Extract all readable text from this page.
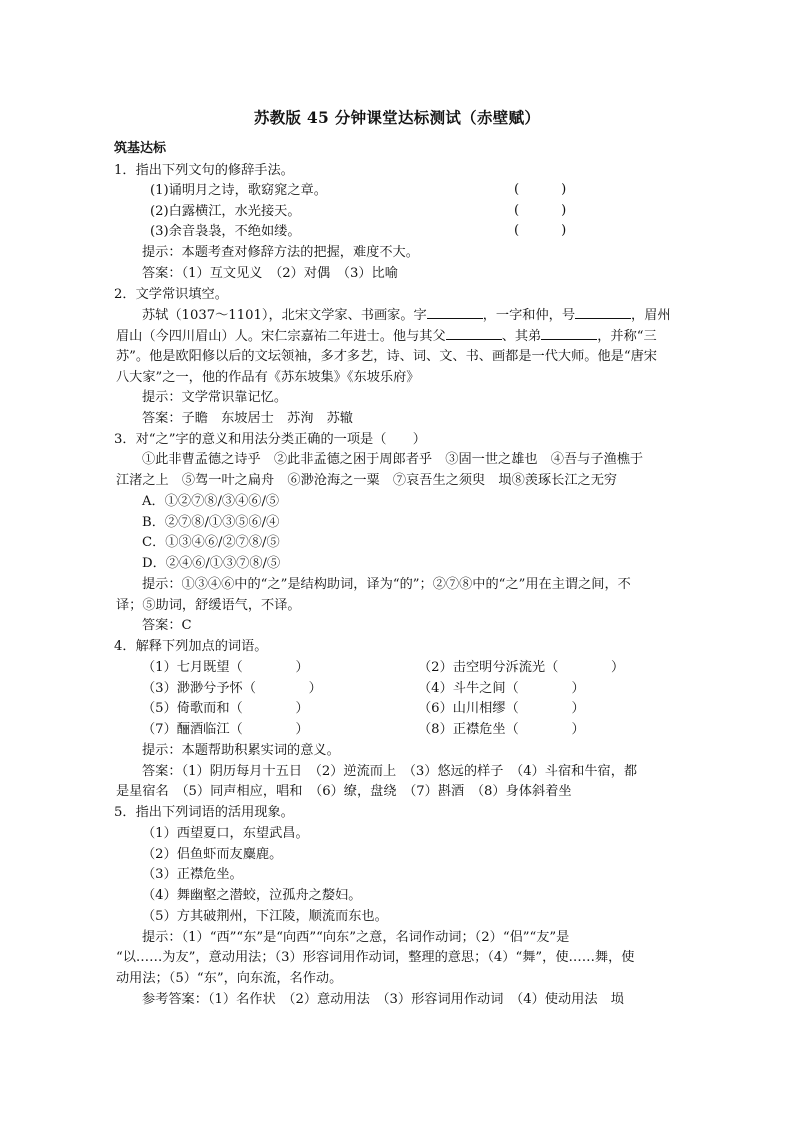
苏教版 45 分钟课堂达标测试（赤壁赋）
筑基达标
1．指出下列文句的修辞手法。
(1)诵明月之诗，歌窈窕之章。	(          )
(2)白露横江，水光接天。	(          )
(3)余音袅袅，不绝如缕。	(          )
提示：本题考查对修辞方法的把握，难度不大。
答案：（1）互文见义　（2）对偶　（3）比喻
2．文学常识填空。
苏轼（1037～1101），北宋文学家、书画家。字	，一字和仲，号	，眉州
眉山（今四川眉山）人。宋仁宗嘉祐二年进士。他与其父	、其弟	，并称“三
苏”。他是欧阳修以后的文坛领袖，多才多艺，诗、词、文、书、画都是一代大师。他是“唐宋
八大家”之一，他的作品有《苏东坡集》《东坡乐府》
提示：文学常识靠记忆。
答案：子瞻　东坡居士　苏洵　苏辙
3．对“之”字的意义和用法分类正确的一项是（　　）
①此非曹孟德之诗乎　②此非孟德之困于周郎者乎　③固一世之雄也　④吾与子渔樵于
江渚之上　⑤驾一叶之扁舟　⑥渺沧海之一粟　⑦哀吾生之须臾　埙⑧羡琢长江之无穷
A．①②⑦⑧/③④⑥/⑤
B．②⑦⑧/①③⑤⑥/④
C．①③④⑥/②⑦⑧/⑤
D．②④⑥/①③⑦⑧/⑤
提示：①③④⑥中的“之”是结构助词，译为“的”；②⑦⑧中的“之”用在主谓之间，不
译；⑤助词，舒缓语气，不译。
答案：C
4．解释下列加点的词语。
（1）七月既望（　　　　）	（2）击空明兮泝流光（　　　　）
（3）渺渺兮予怀（　　　　）	（4）斗牛之间（　　　　）
（5）倚歌而和（　　　　）	（6）山川相缪（　　　　）
（7）酾酒临江（　　　　）	（8）正襟危坐（　　　　）
提示：本题帮助积累实词的意义。
答案：（1）阴历每月十五日　（2）逆流而上　（3）悠远的样子　（4）斗宿和牛宿，都
是星宿名　（5）同声相应，唱和　（6）缭，盘绕　（7）斟酒　（8）身体斜着坐
5．指出下列词语的活用现象。
（1）西望夏口，东望武昌。
（2）侣鱼虾而友麋鹿。
（3）正襟危坐。
（4）舞幽壑之潜蛟，泣孤舟之嫠妇。
（5）方其破荆州，下江陵，顺流而东也。
提示：（1）“西”“东”是“向西”“向东”之意，名词作动词；（2）“侣”“友”是
“以……为友”，意动用法；（3）形容词用作动词，整理的意思；（4）“舞”，使……舞，使
动用法；（5）“东”，向东流，名作动。
参考答案：（1）名作状　（2）意动用法　（3）形容词用作动词　（4）使动用法　埙
